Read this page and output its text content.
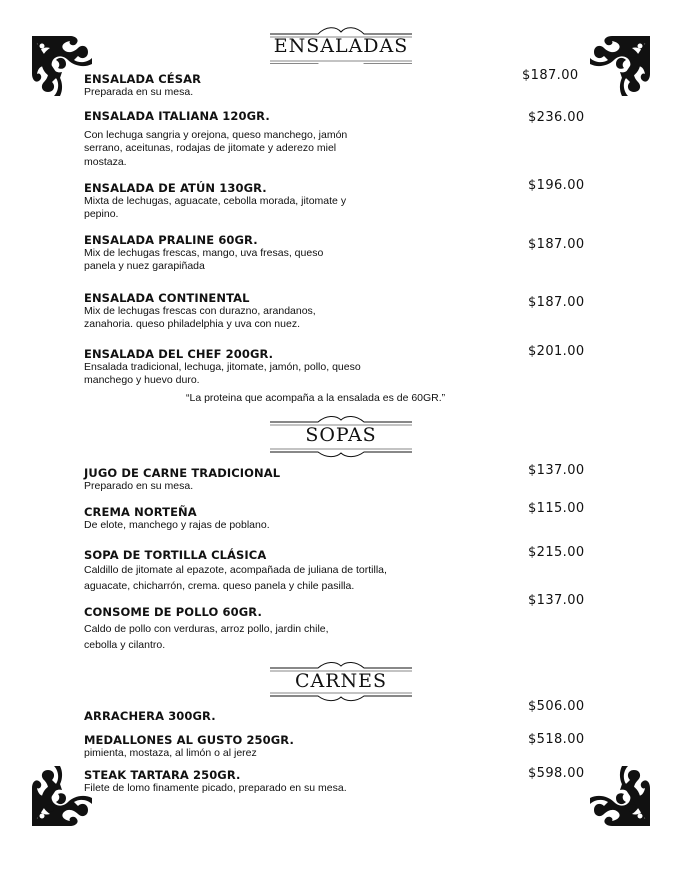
ENSALADAS
ENSALADA CÉSAR
Preparada en su mesa.
$187.00
ENSALADA ITALIANA 120GR.
Con lechuga sangria y orejona, queso manchego, jamón serrano, aceitunas, rodajas de jitomate y aderezo miel mostaza.
$236.00
ENSALADA DE ATÚN 130GR.
Mixta de lechugas, aguacate, cebolla morada, jitomate y pepino.
$196.00
ENSALADA PRALINE 60GR.
Mix de lechugas frescas, mango, uva fresas, queso panela y nuez garapiñada
$187.00
ENSALADA CONTINENTAL
Mix de lechugas frescas con durazno, arandanos, zanahoria. queso philadelphia y uva con nuez.
$187.00
ENSALADA DEL CHEF 200GR.
Ensalada tradicional, lechuga, jitomate, jamón, pollo, queso manchego y huevo duro.
$201.00
“La proteina que acompaña a la ensalada es de 60GR.”
SOPAS
JUGO DE CARNE TRADICIONAL
Preparado en su mesa.
$137.00
CREMA NORTEÑA
De elote, manchego y rajas de poblano.
$115.00
SOPA DE TORTILLA CLÁSICA
Caldillo de jitomate al epazote, acompañada de juliana de tortilla, aguacate, chicharrón, crema. queso panela y chile pasilla.
$215.00
CONSOME DE POLLO 60GR.
Caldo de pollo con verduras, arroz pollo, jardin chile, cebolla y cilantro.
$137.00
CARNES
ARRACHERA 300GR.
$506.00
MEDALLONES AL GUSTO 250GR.
pimienta, mostaza, al limón o al jerez
$518.00
STEAK TARTARA 250GR.
Filete de lomo finamente picado, preparado en su mesa.
$598.00
